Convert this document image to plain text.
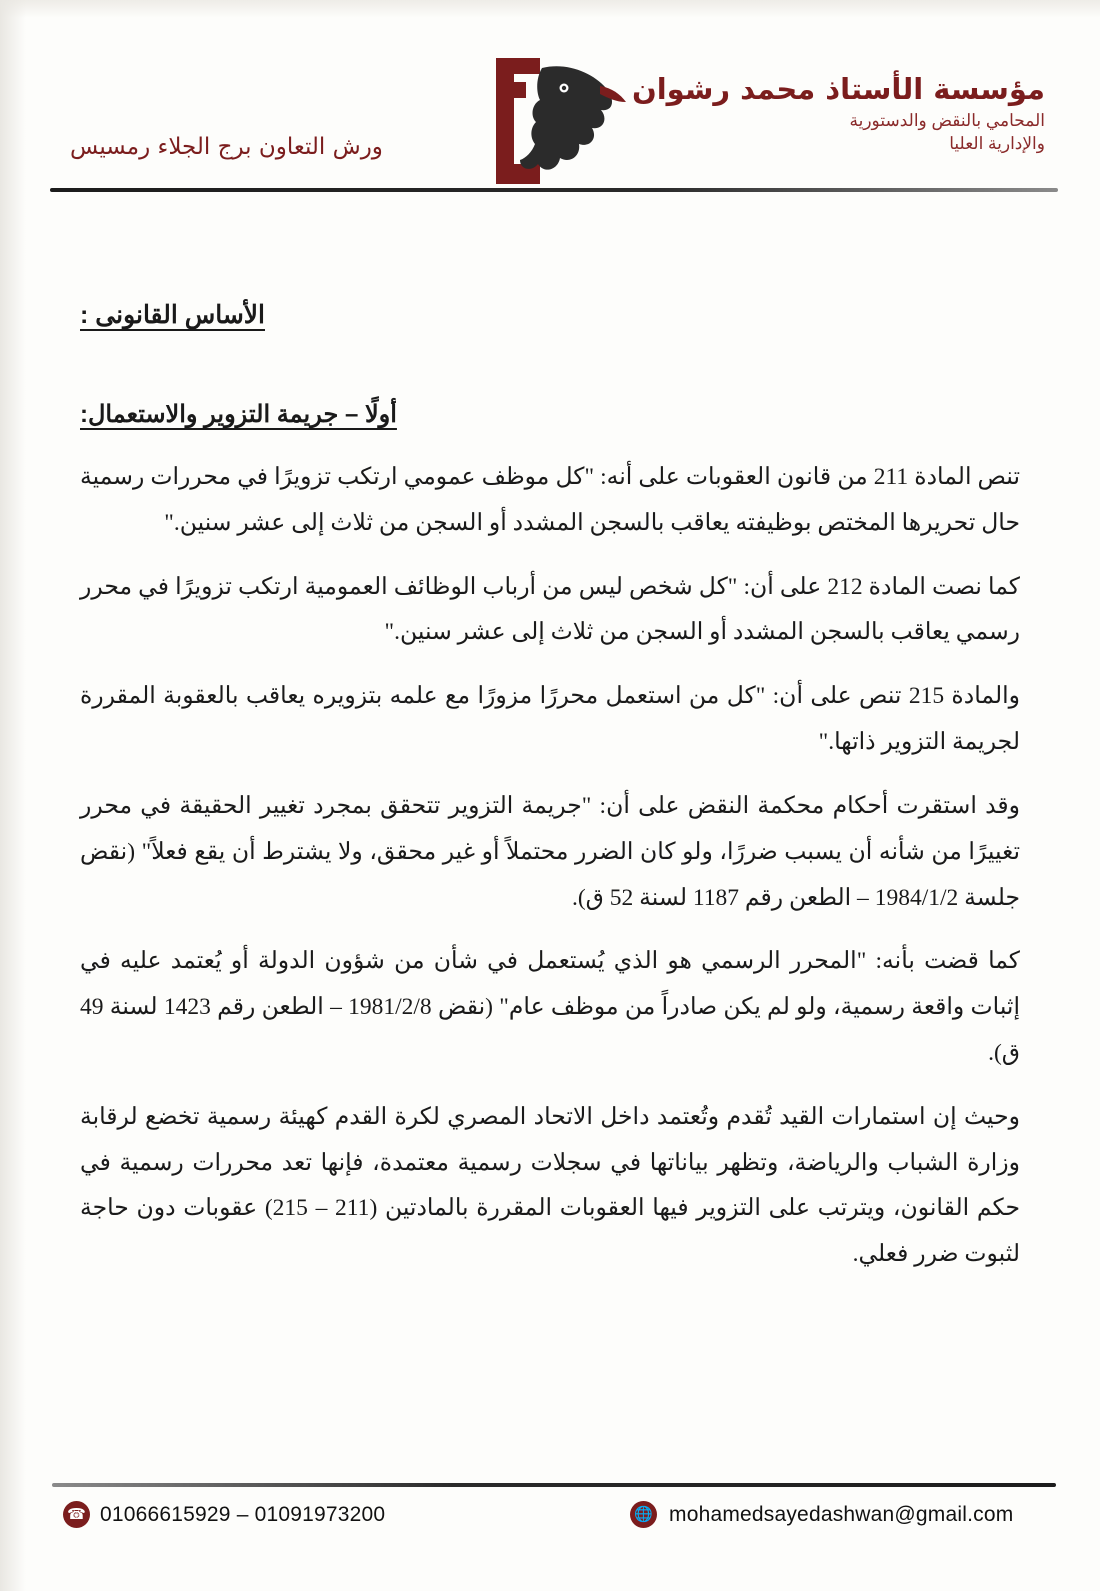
مؤسسة الأستاذ محمد رشوان
المحامي بالنقض والدستورية
والإدارية العليا
ورش التعاون برج الجلاء رمسيس
الأساس القانونى :
أولًا – جريمة التزوير والاستعمال:

تنص المادة 211 من قانون العقوبات على أنه: "كل موظف عمومي ارتكب تزويرًا في محررات رسمية حال تحريرها المختص بوظيفته يعاقب بالسجن المشدد أو السجن من ثلاث إلى عشر سنين."

كما نصت المادة 212 على أن: "كل شخص ليس من أرباب الوظائف العمومية ارتكب تزويرًا في محرر رسمي يعاقب بالسجن المشدد أو السجن من ثلاث إلى عشر سنين."

والمادة 215 تنص على أن: "كل من استعمل محررًا مزورًا مع علمه بتزويره يعاقب بالعقوبة المقررة لجريمة التزوير ذاتها."

وقد استقرت أحكام محكمة النقض على أن: "جريمة التزوير تتحقق بمجرد تغيير الحقيقة في محرر تغييرًا من شأنه أن يسبب ضررًا، ولو كان الضرر محتملاً أو غير محقق، ولا يشترط أن يقع فعلاً" (نقض جلسة 1984/1/2 – الطعن رقم 1187 لسنة 52 ق).

كما قضت بأنه: "المحرر الرسمي هو الذي يُستعمل في شأن من شؤون الدولة أو يُعتمد عليه في إثبات واقعة رسمية، ولو لم يكن صادراً من موظف عام" (نقض 1981/2/8 – الطعن رقم 1423 لسنة 49 ق).

وحيث إن استمارات القيد تُقدم وتُعتمد داخل الاتحاد المصري لكرة القدم كهيئة رسمية تخضع لرقابة وزارة الشباب والرياضة، وتظهر بياناتها في سجلات رسمية معتمدة، فإنها تعد محررات رسمية في حكم القانون، ويترتب على التزوير فيها العقوبات المقررة بالمادتين (211 – 215) عقوبات دون حاجة لثبوت ضرر فعلي.

☎ 01066615929 – 01091973200	🌐 mohamedsayedashwan@gmail.com
